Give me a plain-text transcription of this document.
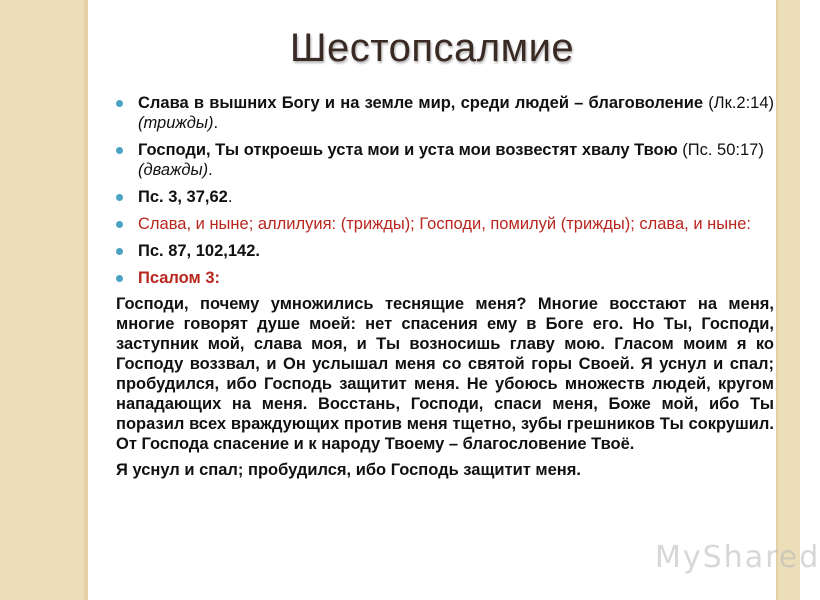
Шестопсалмие
Слава в вышних Богу и на земле мир, среди людей – благоволение (Лк.2:14) (трижды).
Господи, Ты откроешь уста мои и уста мои возвестят хвалу Твою (Пс. 50:17) (дважды).
Пс. 3, 37,62.
Слава, и ныне; аллилуия: (трижды); Господи, помилуй (трижды); слава, и ныне:
Пс. 87, 102,142.
Псалом 3:

Господи, почему умножились теснящие меня? Многие восстают на меня, многие говорят душе моей: нет спасения ему в Боге его. Но Ты, Господи, заступник мой, слава моя, и Ты возносишь главу мою. Гласом моим я ко Господу воззвал, и Он услышал меня со святой горы Своей. Я уснул и спал; пробудился, ибо Господь защитит меня. Не убоюсь множеств людей, кругом нападающих на меня. Восстань, Господи, спаси меня, Боже мой, ибо Ты поразил всех враждующих против меня тщетно, зубы грешников Ты сокрушил. От Господа спасение и к народу Твоему – благословение Твоё.

Я уснул и спал; пробудился, ибо Господь защитит меня.

MyShared
